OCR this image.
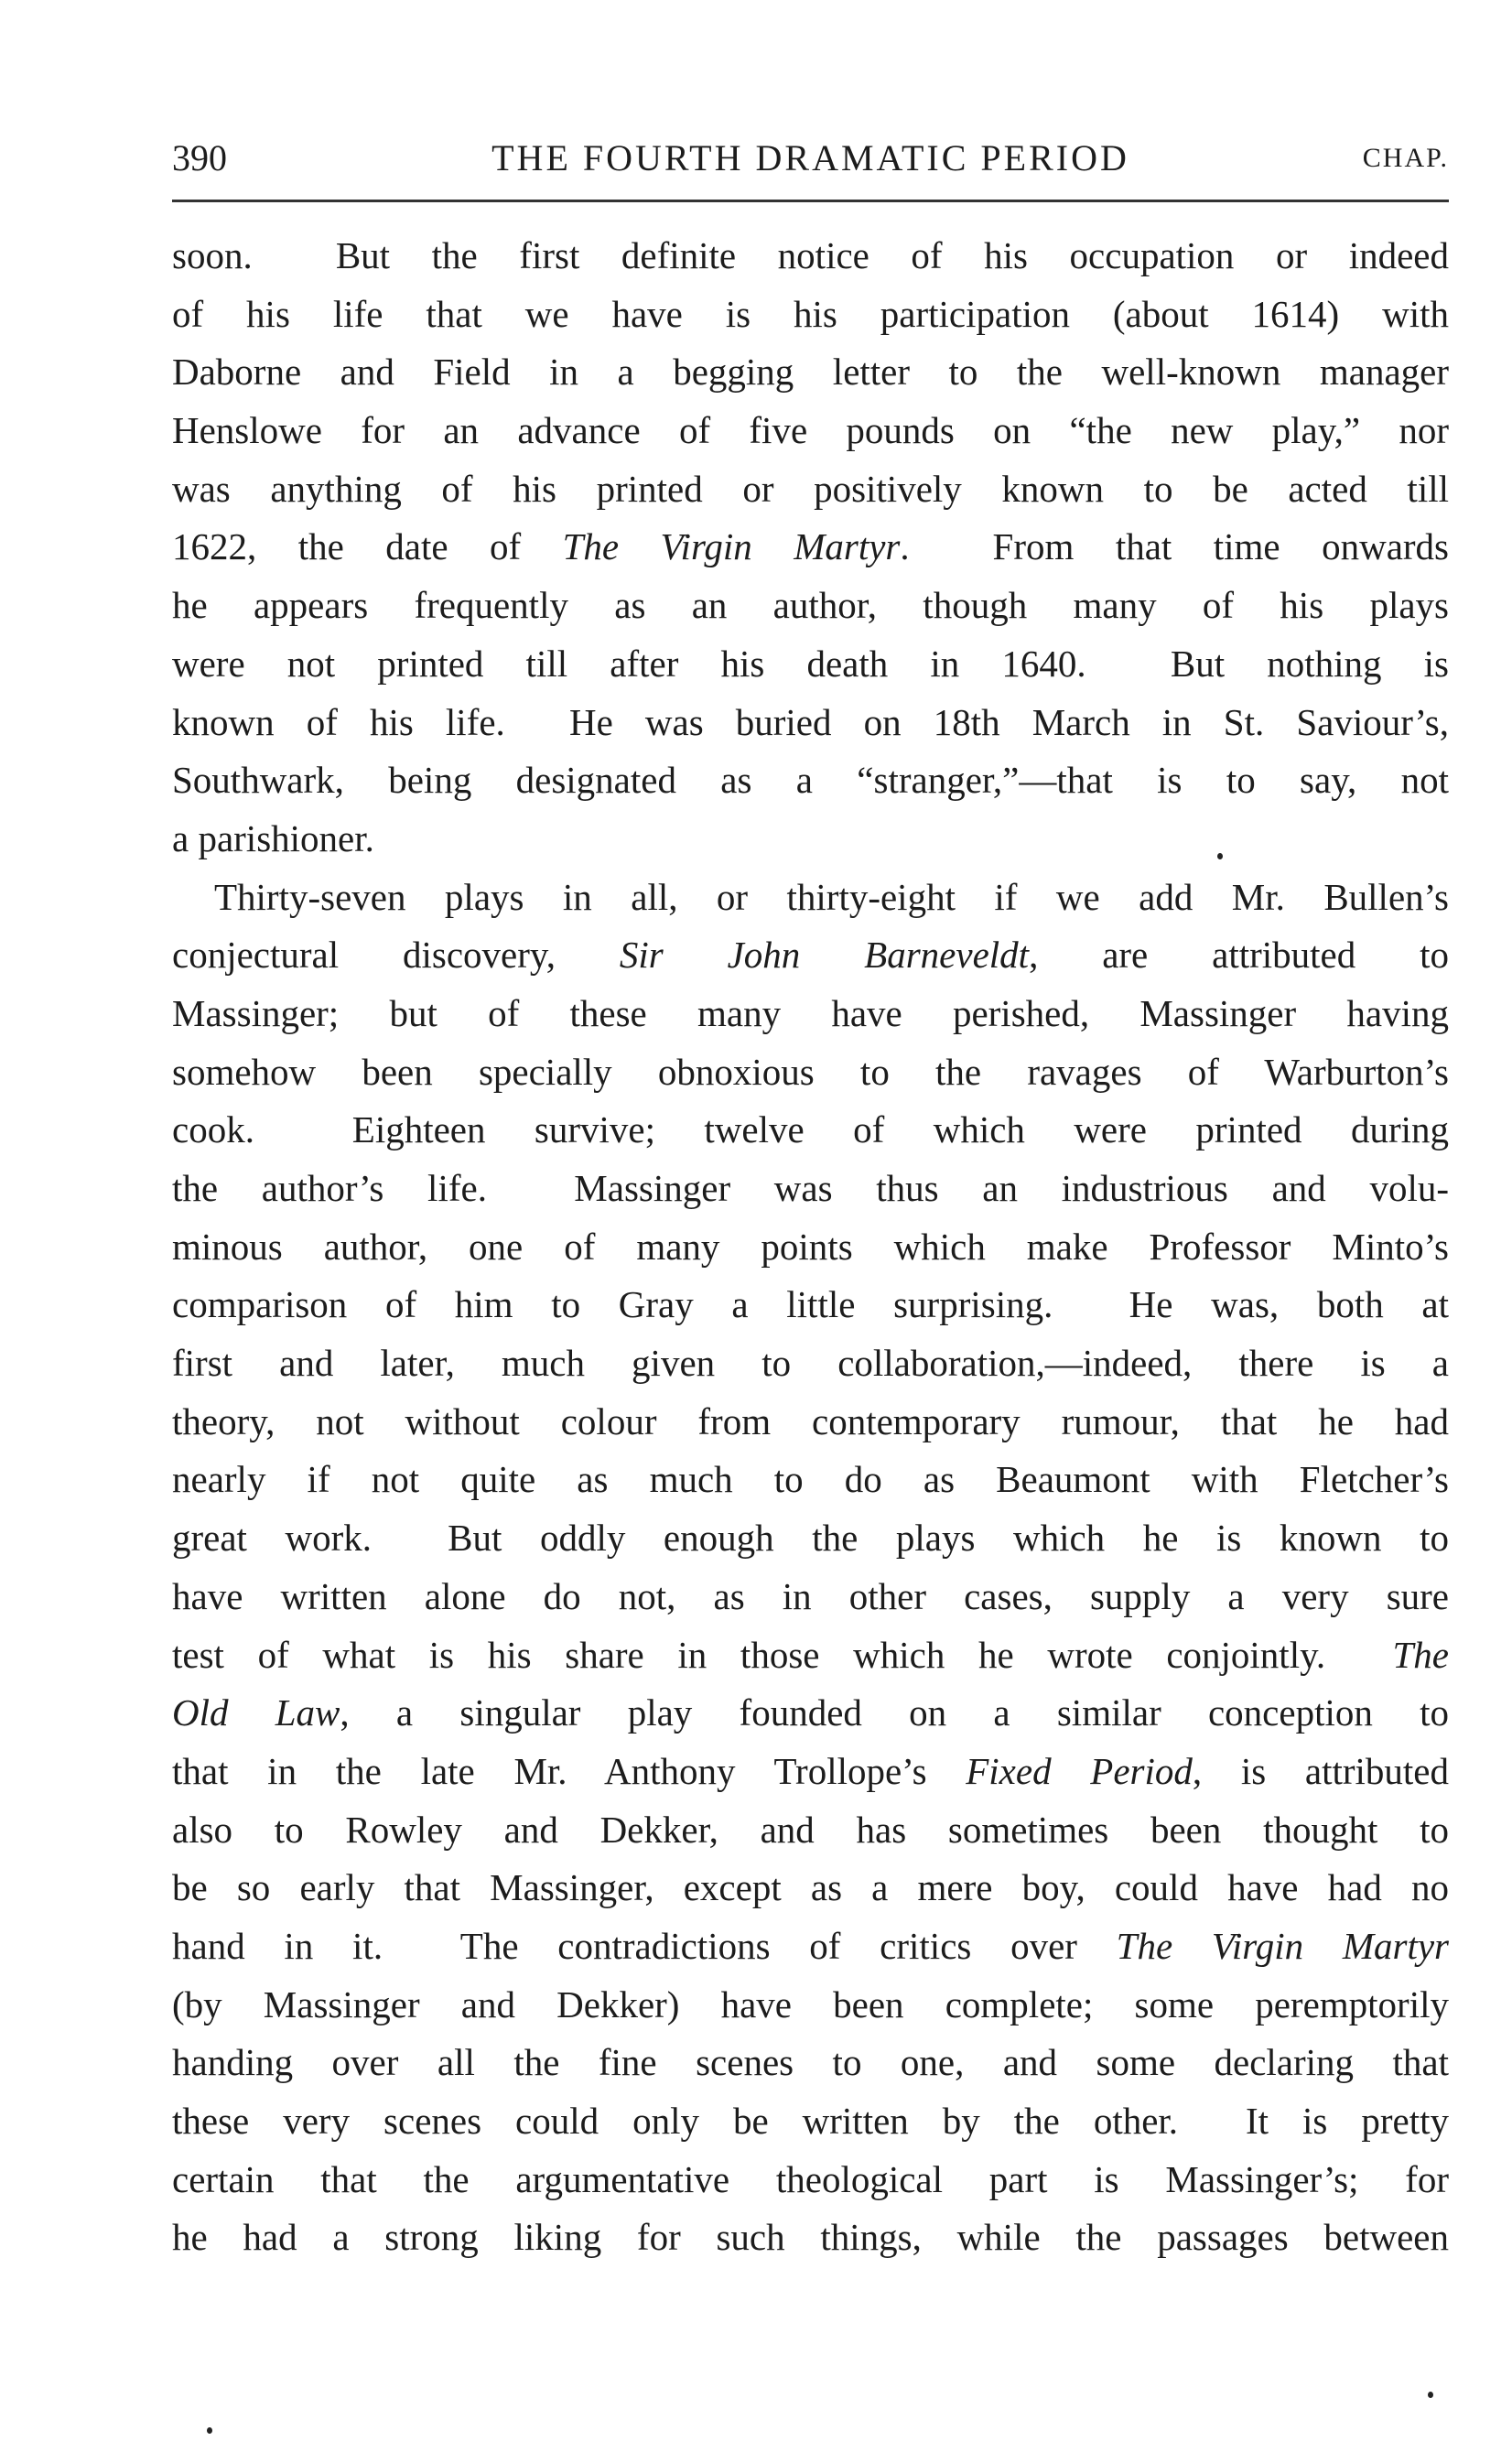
390	THE FOURTH DRAMATIC PERIOD	CHAP.
soon.  But the first definite notice of his occupation or indeed
of his life that we have is his participation (about 1614) with
Daborne and Field in a begging letter to the well-known manager
Henslowe for an advance of five pounds on “the new play,” nor
was anything of his printed or positively known to be acted till
1622, the date of The Virgin Martyr.  From that time onwards
he appears frequently as an author, though many of his plays
were not printed till after his death in 1640.  But nothing is
known of his life.  He was buried on 18th March in St. Saviour’s,
Southwark, being designated as a “stranger,”—that is to say, not
a parishioner.
Thirty-seven plays in all, or thirty-eight if we add Mr. Bullen’s
conjectural discovery, Sir John Barneveldt, are attributed to
Massinger; but of these many have perished, Massinger having
somehow been specially obnoxious to the ravages of Warburton’s
cook.  Eighteen survive; twelve of which were printed during
the author’s life.  Massinger was thus an industrious and volu-
minous author, one of many points which make Professor Minto’s
comparison of him to Gray a little surprising.  He was, both at
first and later, much given to collaboration,—indeed, there is a
theory, not without colour from contemporary rumour, that he had
nearly if not quite as much to do as Beaumont with Fletcher’s
great work.  But oddly enough the plays which he is known to
have written alone do not, as in other cases, supply a very sure
test of what is his share in those which he wrote conjointly.  The
Old Law, a singular play founded on a similar conception to
that in the late Mr. Anthony Trollope’s Fixed Period, is attributed
also to Rowley and Dekker, and has sometimes been thought to
be so early that Massinger, except as a mere boy, could have had no
hand in it.  The contradictions of critics over The Virgin Martyr
(by Massinger and Dekker) have been complete; some peremptorily
handing over all the fine scenes to one, and some declaring that
these very scenes could only be written by the other.  It is pretty
certain that the argumentative theological part is Massinger’s; for
he had a strong liking for such things, while the passages between
